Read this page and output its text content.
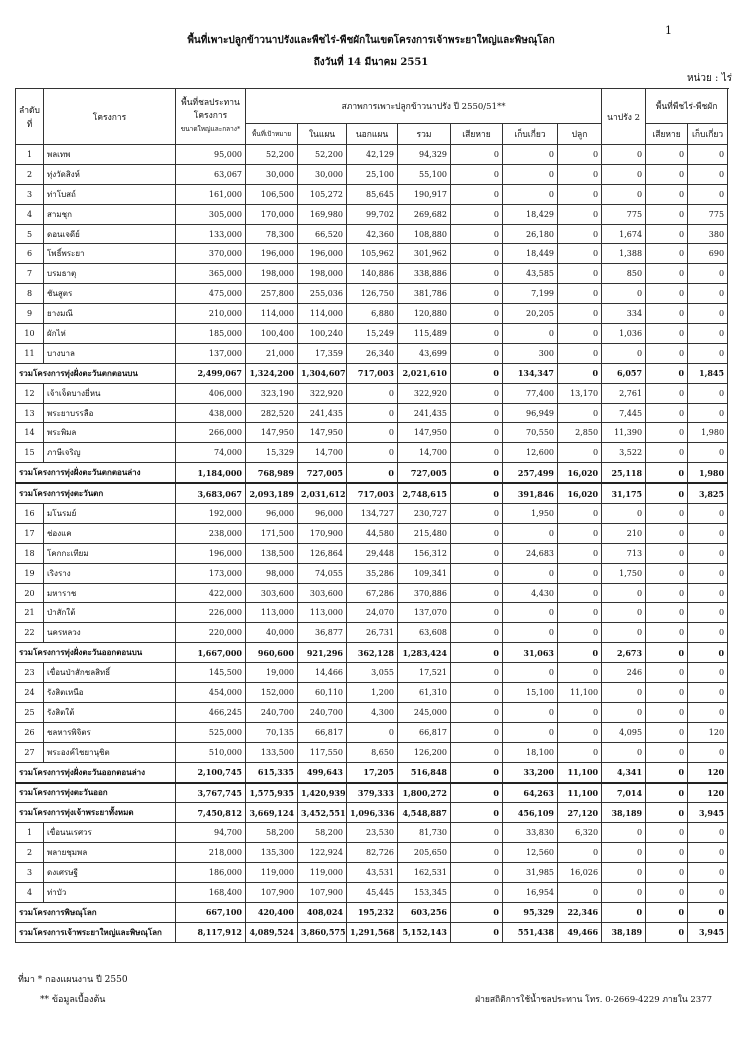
1
พื้นที่เพาะปลูกข้าวนาปรังและพืชไร่-พืชผักในเขตโครงการเจ้าพระยาใหญ่และพิษณุโลก
ถึงวันที่ 14 มีนาคม 2551
หน่วย : ไร่
ลำดับที่	โครงการ	พื้นที่ชลประทานโครงการ
ขนาดใหญ่และกลาง*	สภาพการเพาะปลูกข้าวนาปรัง ปี 2550/51**							นาปรัง 2	พื้นที่พืชไร่-พืชผัก	
			พื้นที่เป้าหมาย	ในแผน	นอกแผน	รวม	เสียหาย	เก็บเกี่ยว	ปลูก		เสียหาย	เก็บเกี่ยว
1	พลเทพ	95,000	52,200	52,200	42,129	94,329	0	0	0	0	0	0
2	ทุ่งวัดสิงห์	63,067	30,000	30,000	25,100	55,100	0	0	0	0	0	0
3	ท่าโบสถ์	161,000	106,500	105,272	85,645	190,917	0	0	0	0	0	0
4	สามชุก	305,000	170,000	169,980	99,702	269,682	0	18,429	0	775	0	775
5	ดอนเจดีย์	133,000	78,300	66,520	42,360	108,880	0	26,180	0	1,674	0	380
6	โพธิ์พระยา	370,000	196,000	196,000	105,962	301,962	0	18,449	0	1,388	0	690
7	บรมธาตุ	365,000	198,000	198,000	140,886	338,886	0	43,585	0	850	0	0
8	ชันสูตร	475,000	257,800	255,036	126,750	381,786	0	7,199	0	0	0	0
9	ยางมณี	210,000	114,000	114,000	6,880	120,880	0	20,205	0	334	0	0
10	ผักไห่	185,000	100,400	100,240	15,249	115,489	0	0	0	1,036	0	0
11	บางบาล	137,000	21,000	17,359	26,340	43,699	0	300	0	0	0	0
รวมโครงการทุ่งฝั่งตะวันตกตอนบน		2,499,067	1,324,200	1,304,607	717,003	2,021,610	0	134,347	0	6,057	0	1,845
12	เจ้าเจ็ดบางยี่หน	406,000	323,190	322,920	0	322,920	0	77,400	13,170	2,761	0	0
13	พระยาบรรลือ	438,000	282,520	241,435	0	241,435	0	96,949	0	7,445	0	0
14	พระพิมล	266,000	147,950	147,950	0	147,950	0	70,550	2,850	11,390	0	1,980
15	ภาษีเจริญ	74,000	15,329	14,700	0	14,700	0	12,600	0	3,522	0	0
รวมโครงการทุ่งฝั่งตะวันตกตอนล่าง		1,184,000	768,989	727,005	0	727,005	0	257,499	16,020	25,118	0	1,980
รวมโครงการทุ่งตะวันตก		3,683,067	2,093,189	2,031,612	717,003	2,748,615	0	391,846	16,020	31,175	0	3,825
16	มโนรมย์	192,000	96,000	96,000	134,727	230,727	0	1,950	0	0	0	0
17	ช่องแค	238,000	171,500	170,900	44,580	215,480	0	0	0	210	0	0
18	โคกกะเทียม	196,000	138,500	126,864	29,448	156,312	0	24,683	0	713	0	0
19	เริงราง	173,000	98,000	74,055	35,286	109,341	0	0	0	1,750	0	0
20	มหาราช	422,000	303,600	303,600	67,286	370,886	0	4,430	0	0	0	0
21	ป่าสักใต้	226,000	113,000	113,000	24,070	137,070	0	0	0	0	0	0
22	นครหลวง	220,000	40,000	36,877	26,731	63,608	0	0	0	0	0	0
รวมโครงการทุ่งฝั่งตะวันออกตอนบน		1,667,000	960,600	921,296	362,128	1,283,424	0	31,063	0	2,673	0	0
23	เขื่อนป่าสักชลสิทธิ์	145,500	19,000	14,466	3,055	17,521	0	0	0	246	0	0
24	รังสิตเหนือ	454,000	152,000	60,110	1,200	61,310	0	15,100	11,100	0	0	0
25	รังสิตใต้	466,245	240,700	240,700	4,300	245,000	0	0	0	0	0	0
26	ชลหารพิจิตร	525,000	70,135	66,817	0	66,817	0	0	0	4,095	0	120
27	พระองค์ไชยานุชิต	510,000	133,500	117,550	8,650	126,200	0	18,100	0	0	0	0
รวมโครงการทุ่งฝั่งตะวันออกตอนล่าง		2,100,745	615,335	499,643	17,205	516,848	0	33,200	11,100	4,341	0	120
รวมโครงการทุ่งตะวันออก		3,767,745	1,575,935	1,420,939	379,333	1,800,272	0	64,263	11,100	7,014	0	120
รวมโครงการทุ่งเจ้าพระยาทั้งหมด		7,450,812	3,669,124	3,452,551	1,096,336	4,548,887	0	456,109	27,120	38,189	0	3,945
1	เขื่อนนเรศวร	94,700	58,200	58,200	23,530	81,730	0	33,830	6,320	0	0	0
2	พลายชุมพล	218,000	135,300	122,924	82,726	205,650	0	12,560	0	0	0	0
3	ดงเศรษฐี	186,000	119,000	119,000	43,531	162,531	0	31,985	16,026	0	0	0
4	ท่าบัว	168,400	107,900	107,900	45,445	153,345	0	16,954	0	0	0	0
รวมโครงการพิษณุโลก		667,100	420,400	408,024	195,232	603,256	0	95,329	22,346	0	0	0
รวมโครงการเจ้าพระยาใหญ่และพิษณุโลก		8,117,912	4,089,524	3,860,575	1,291,568	5,152,143	0	551,438	49,466	38,189	0	3,945
ที่มา * กองแผนงาน ปี 2550
** ข้อมูลเบื้องต้น	ฝ่ายสถิติการใช้น้ำชลประทาน โทร. 0-2669-4229 ภายใน 2377
